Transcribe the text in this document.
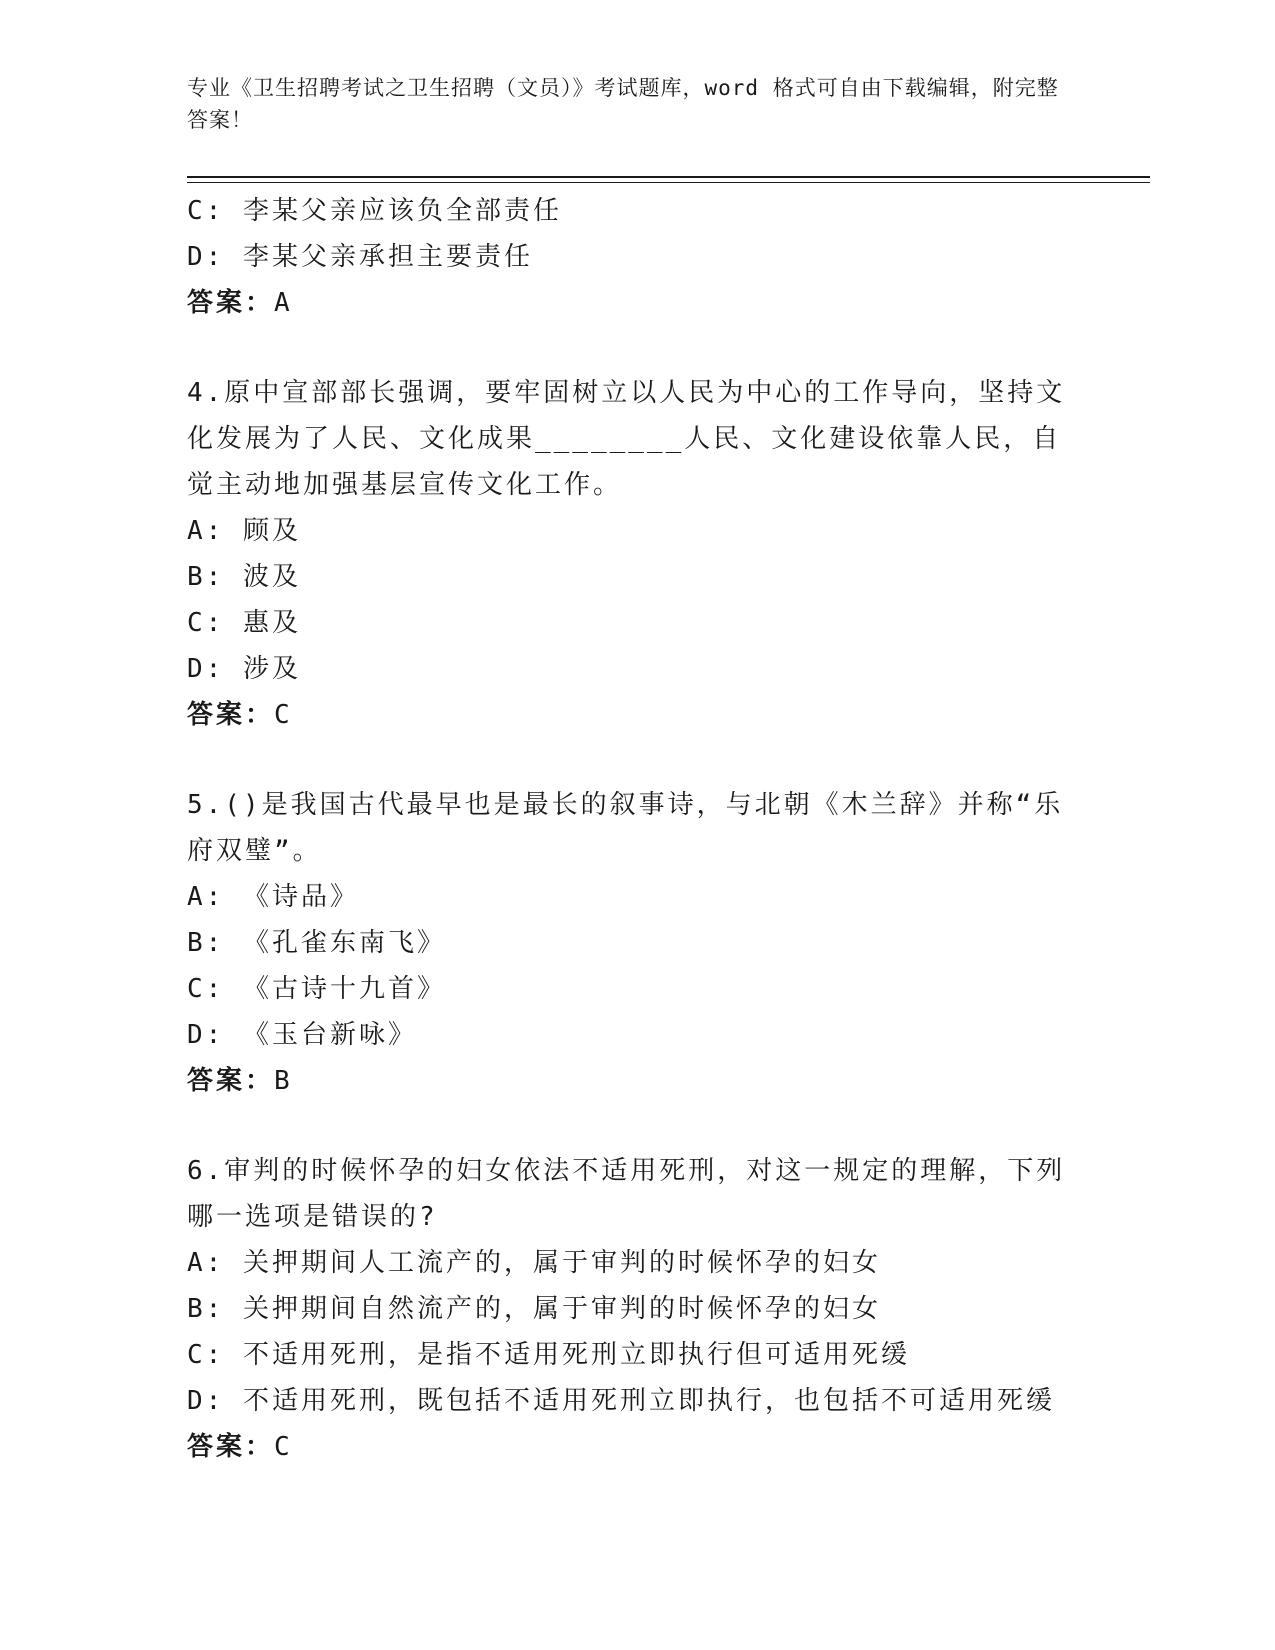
专业《卫生招聘考试之卫生招聘（文员）》考试题库，word 格式可自由下载编辑，附完整答案！
C: 李某父亲应该负全部责任
D: 李某父亲承担主要责任
答案：A
4.原中宣部部长强调，要牢固树立以人民为中心的工作导向，坚持文化发展为了人民、文化成果________人民、文化建设依靠人民，自觉主动地加强基层宣传文化工作。
A: 顾及
B: 波及
C: 惠及
D: 涉及
答案：C
5.()是我国古代最早也是最长的叙事诗，与北朝《木兰辞》并称“乐府双璧”。
A: 《诗品》
B: 《孔雀东南飞》
C: 《古诗十九首》
D: 《玉台新咏》
答案：B
6.审判的时候怀孕的妇女依法不适用死刑，对这一规定的理解，下列哪一选项是错误的?
A: 关押期间人工流产的，属于审判的时候怀孕的妇女
B: 关押期间自然流产的，属于审判的时候怀孕的妇女
C: 不适用死刑，是指不适用死刑立即执行但可适用死缓
D: 不适用死刑，既包括不适用死刑立即执行，也包括不可适用死缓
答案：C
